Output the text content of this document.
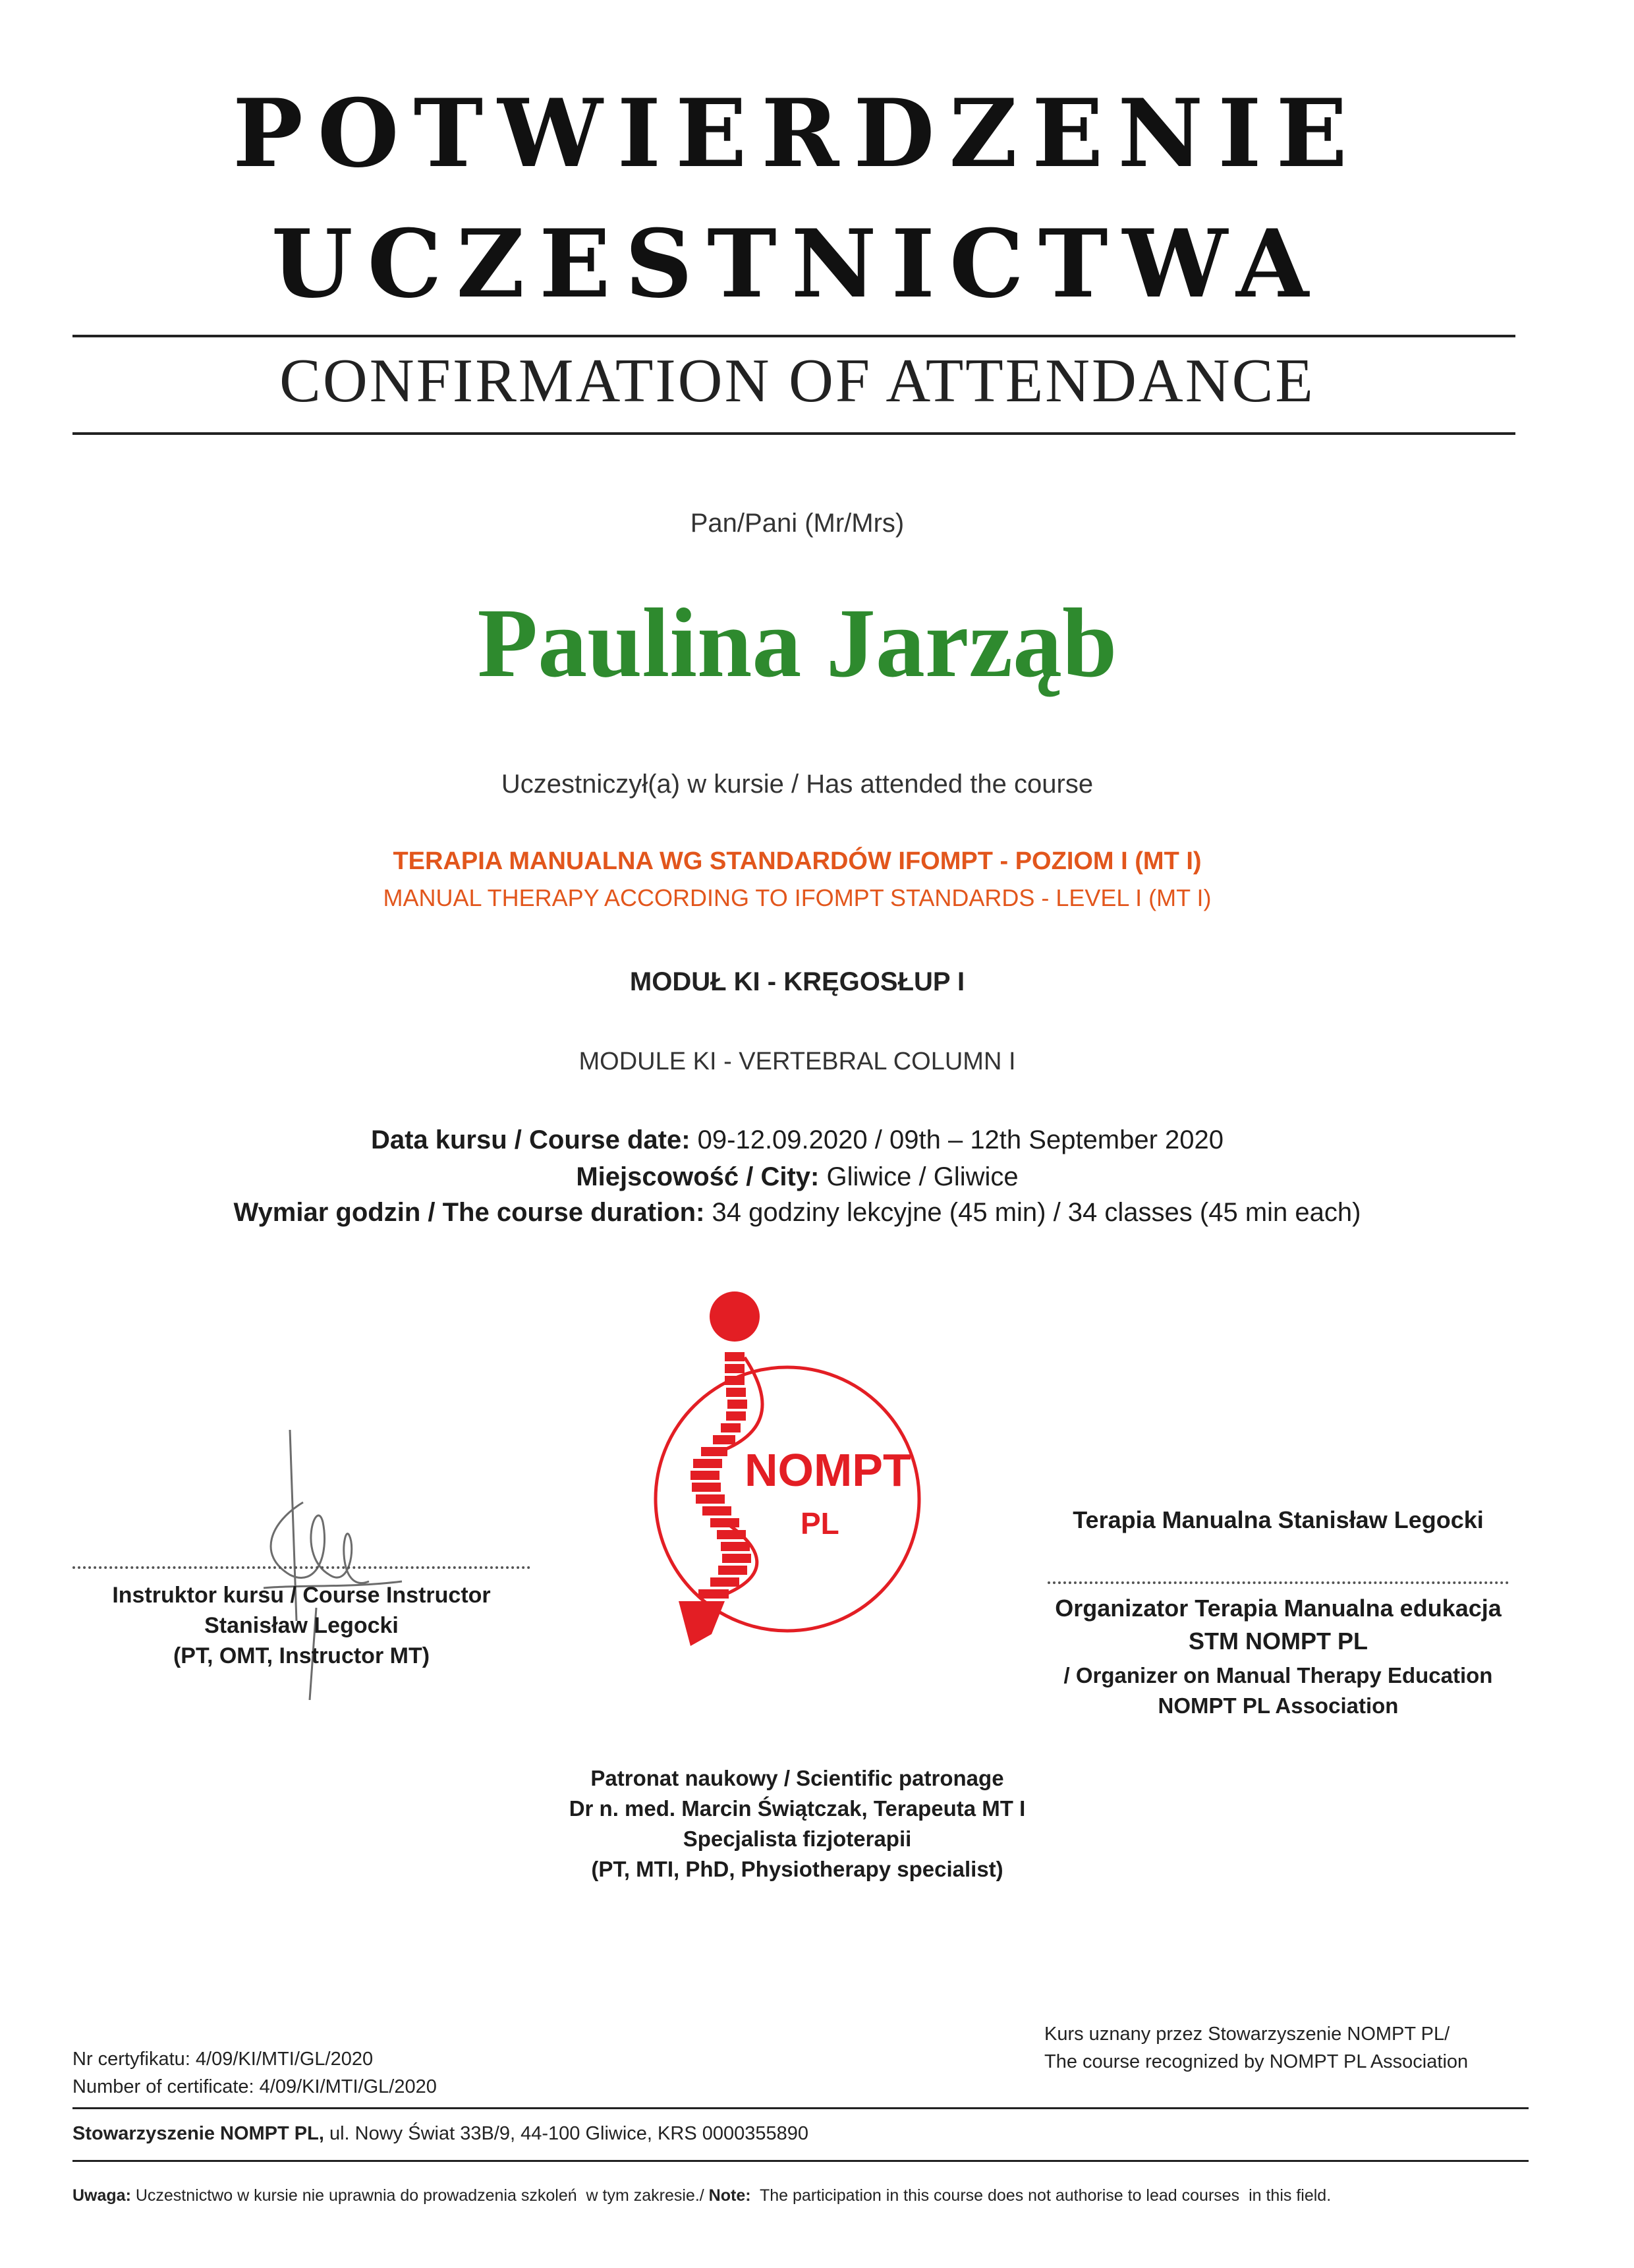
POTWIERDZENIE
UCZESTNICTWA
CONFIRMATION OF ATTENDANCE
Pan/Pani (Mr/Mrs)
Paulina Jarząb
Uczestniczył(a) w kursie / Has attended the course
TERAPIA MANUALNA WG STANDARDÓW IFOMPT - POZIOM I (MT I)
MANUAL THERAPY ACCORDING TO IFOMPT STANDARDS - LEVEL I (MT I)
MODUŁ KI - KRĘGOSŁUP I
MODULE KI - VERTEBRAL COLUMN I
Data kursu / Course date: 09-12.09.2020 / 09th – 12th September 2020
Miejscowość / City: Gliwice / Gliwice
Wymiar godzin / The course duration: 34 godziny lekcyjne (45 min) / 34 classes (45 min each)
NOMPT
PL
Instruktor kursu / Course Instructor
Stanisław Legocki
(PT, OMT, Instructor MT)
Terapia Manualna Stanisław Legocki
Organizator Terapia Manualna edukacja
STM NOMPT PL
/ Organizer on Manual Therapy Education
NOMPT PL Association
Patronat naukowy / Scientific patronage
Dr n. med. Marcin Świątczak, Terapeuta MT I
Specjalista fizjoterapii
(PT, MTI, PhD, Physiotherapy specialist)
Kurs uznany przez Stowarzyszenie NOMPT PL/
The course recognized by NOMPT PL Association
Nr certyfikatu: 4/09/KI/MTI/GL/2020
Number of certificate: 4/09/KI/MTI/GL/2020
Stowarzyszenie NOMPT PL, ul. Nowy Świat 33B/9, 44-100 Gliwice, KRS 0000355890
Uwaga: Uczestnictwo w kursie nie uprawnia do prowadzenia szkoleń  w tym zakresie./ Note:  The participation in this course does not authorise to lead courses  in this field.
